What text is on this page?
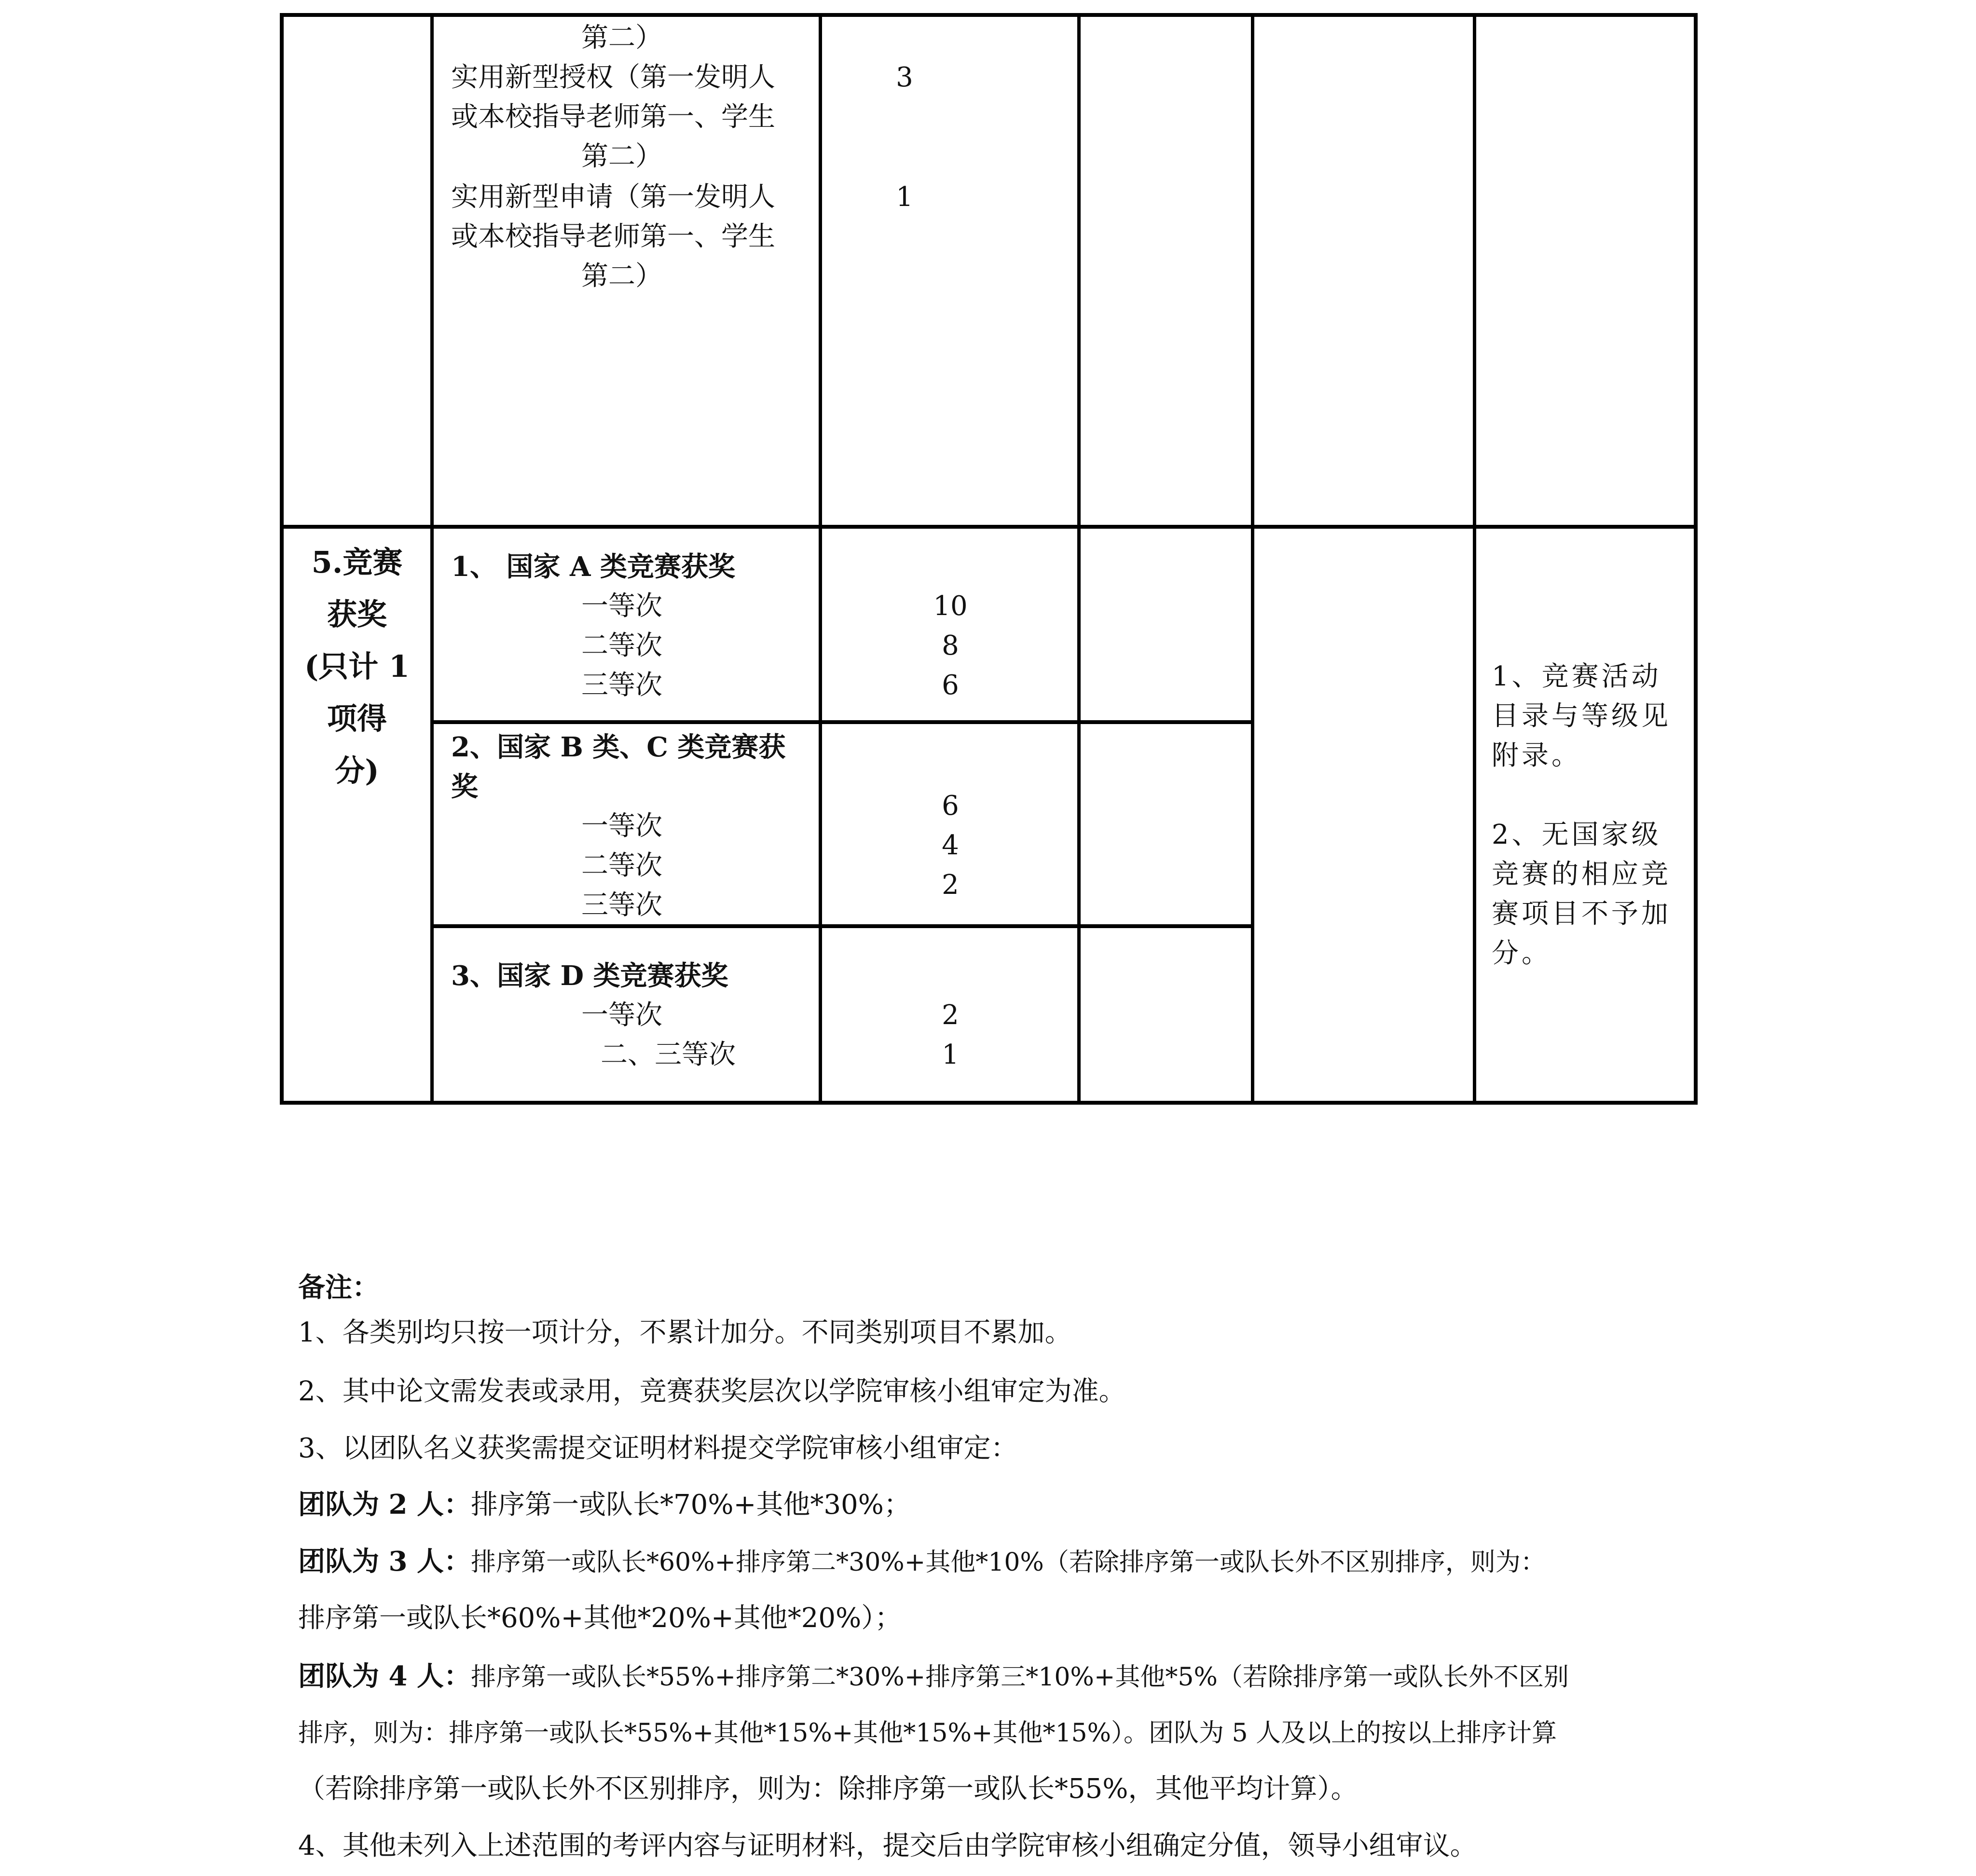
第二）
实用新型授权（第一发明人
或本校指导老师第一、学生
第二）
3
实用新型申请（第一发明人
或本校指导老师第一、学生
第二）
1
5.竞赛
获奖
(只计 1
项得
分)
1、 国家 A 类竞赛获奖
一等次
二等次
三等次
10
8
6
2、国家 B 类、C 类竞赛获
奖
一等次
二等次
三等次
6
4
2
3、国家 D 类竞赛获奖
一等次
二、三等次
2
1
1、竞赛活动目录与等级见附录。
2、无国家级竞赛的相应竞赛项目不予加分。
备注：
1、各类别均只按一项计分，不累计加分。不同类别项目不累加。
2、其中论文需发表或录用，竞赛获奖层次以学院审核小组审定为准。
3、以团队名义获奖需提交证明材料提交学院审核小组审定：
团队为 2 人：排序第一或队长*70%+其他*30%；
团队为 3 人：排序第一或队长*60%+排序第二*30%+其他*10%（若除排序第一或队长外不区别排序，则为：
排序第一或队长*60%+其他*20%+其他*20%）；
团队为 4 人：排序第一或队长*55%+排序第二*30%+排序第三*10%+其他*5%（若除排序第一或队长外不区别
排序，则为：排序第一或队长*55%+其他*15%+其他*15%+其他*15%）。团队为 5 人及以上的按以上排序计算
（若除排序第一或队长外不区别排序，则为：除排序第一或队长*55%，其他平均计算）。
4、其他未列入上述范围的考评内容与证明材料，提交后由学院审核小组确定分值，领导小组审议。
